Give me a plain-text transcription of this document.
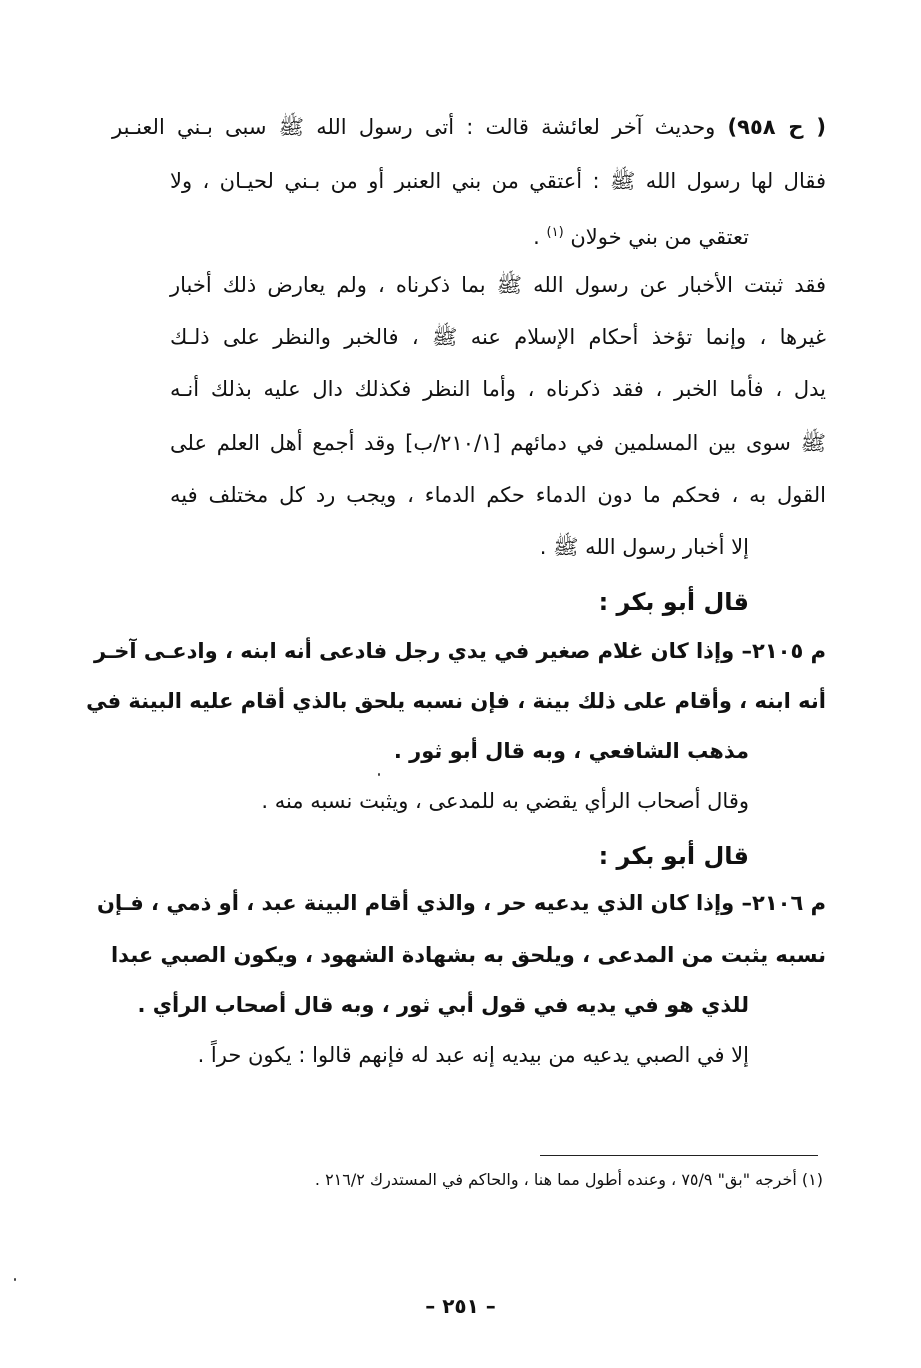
( ح ٩٥٨) وحديث آخر لعائشة قالت : أتى رسول الله ﷺ سبى بـني العنـبر
فقال لها رسول الله ﷺ : أعتقي من بني العنبر أو من بـني لحيـان ، ولا
تعتقي من بني خولان $^{(١)}$ .
فقد ثبتت الأخبار عن رسول الله ﷺ بما ذكرناه ، ولم يعارض ذلك أخبار
غيرها ، وإنما تؤخذ أحكام الإسلام عنه ﷺ ، فالخبر والنظر على ذلـك
يدل ، فأما الخبر ، فقد ذكرناه ، وأما النظر فكذلك دال عليه بذلك أنـه
ﷺ سوى بين المسلمين في دمائهم [٢١٠/١/ب] وقد أجمع أهل العلم على
القول به ، فحكم ما دون الدماء حكم الدماء ، ويجب رد كل مختلف فيه
إلا أخبار رسول الله ﷺ .
قال أبو بكر :
م ٢١٠٥– وإذا كان غلام صغير في يدي رجل فادعى أنه ابنه ، وادعـى آخـر
أنه ابنه ، وأقام على ذلك بينة ، فإن نسبه يلحق بالذي أقام عليه البينة في
مذهب الشافعي ، وبه قال أبو ثور .
وقال أصحاب الرأي يقضي به للمدعى ، ويثبت نسبه منه .
قال أبو بكر :
م ٢١٠٦– وإذا كان الذي يدعيه حر ، والذي أقام البينة عبد ، أو ذمي ، فـإن
نسبه يثبت من المدعى ، ويلحق به بشهادة الشهود ، ويكون الصبي عبدا
للذي هو في يديه في قول أبي ثور ، وبه قال أصحاب الرأي .
إلا في الصبي يدعيه من بيديه إنه عبد له فإنهم قالوا : يكون حراً .
(١) أخرجه "بق" ٧٥/٩ ، وعنده أطول مما هنا ، والحاكم في المستدرك ٢١٦/٢ .
– ٢٥١ –
